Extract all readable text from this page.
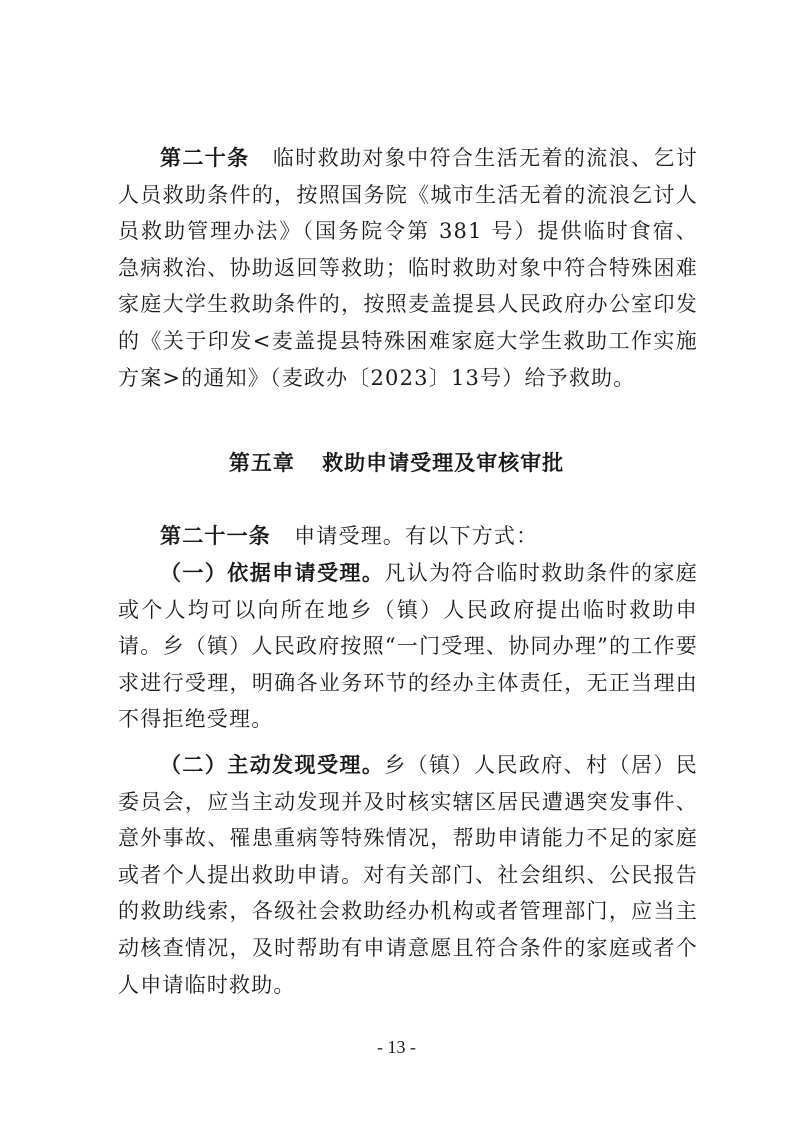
第二十条 临时救助对象中符合生活无着的流浪、乞讨人员救助条件的，按照国务院《城市生活无着的流浪乞讨人员救助管理办法》（国务院令第 381 号）提供临时食宿、急病救治、协助返回等救助；临时救助对象中符合特殊困难家庭大学生救助条件的，按照麦盖提县人民政府办公室印发的《关于印发<麦盖提县特殊困难家庭大学生救助工作实施方案>的通知》（麦政办〔2023〕13号）给予救助。

第五章 救助申请受理及审核审批

第二十一条 申请受理。有以下方式：

（一）依据申请受理。凡认为符合临时救助条件的家庭或个人均可以向所在地乡（镇）人民政府提出临时救助申请。乡（镇）人民政府按照“一门受理、协同办理”的工作要求进行受理，明确各业务环节的经办主体责任，无正当理由不得拒绝受理。

（二）主动发现受理。乡（镇）人民政府、村（居）民委员会，应当主动发现并及时核实辖区居民遭遇突发事件、意外事故、罹患重病等特殊情况，帮助申请能力不足的家庭或者个人提出救助申请。对有关部门、社会组织、公民报告的救助线索，各级社会救助经办机构或者管理部门，应当主动核查情况，及时帮助有申请意愿且符合条件的家庭或者个人申请临时救助。

- 13 -
